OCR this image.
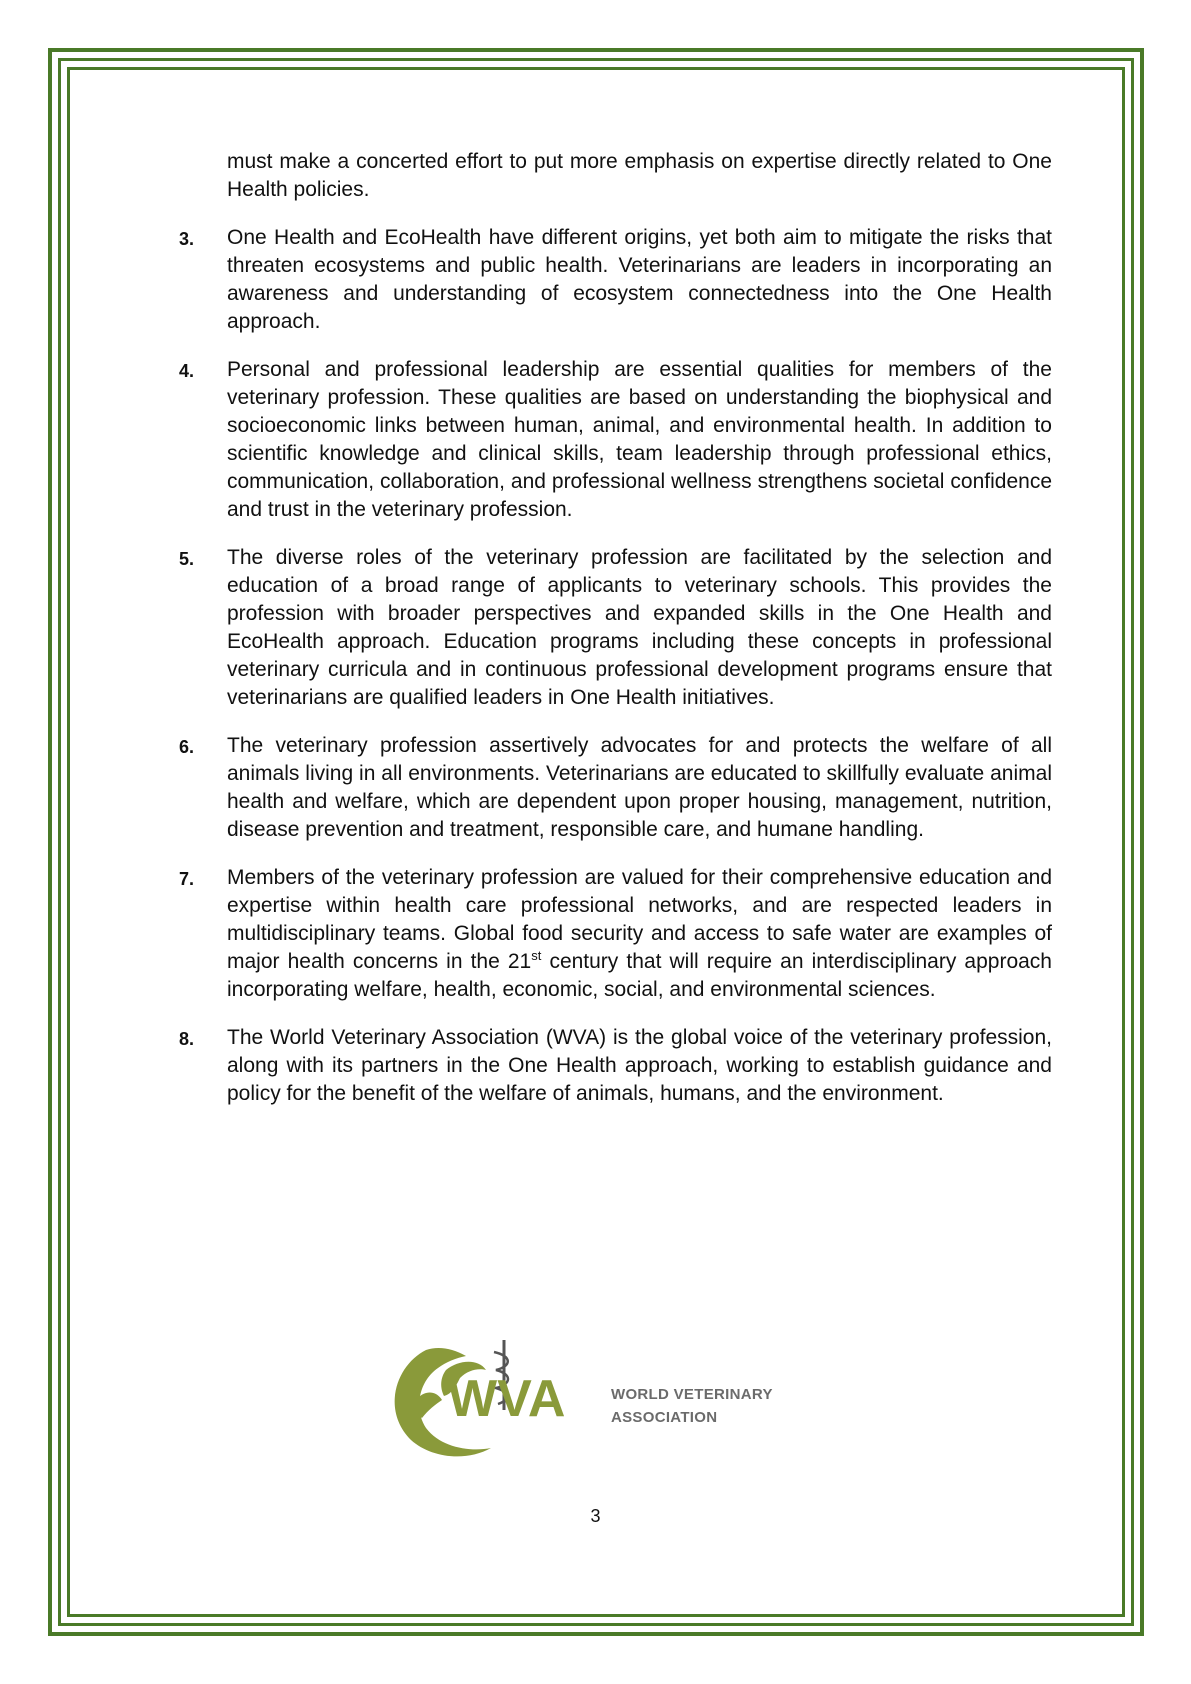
must make a concerted effort to put more emphasis on expertise directly related to One Health policies.

3.	One Health and EcoHealth have different origins, yet both aim to mitigate the risks that threaten ecosystems and public health. Veterinarians are leaders in incorporating an awareness and understanding of ecosystem connectedness into the One Health approach.

4.	Personal and professional leadership are essential qualities for members of the veterinary profession. These qualities are based on understanding the biophysical and socioeconomic links between human, animal, and environmental health. In addition to scientific knowledge and clinical skills, team leadership through professional ethics, communication, collaboration, and professional wellness strengthens societal confidence and trust in the veterinary profession.

5.	The diverse roles of the veterinary profession are facilitated by the selection and education of a broad range of applicants to veterinary schools. This provides the profession with broader perspectives and expanded skills in the One Health and EcoHealth approach. Education programs including these concepts in professional veterinary curricula and in continuous professional development programs ensure that veterinarians are qualified leaders in One Health initiatives.

6.	The veterinary profession assertively advocates for and protects the welfare of all animals living in all environments. Veterinarians are educated to skillfully evaluate animal health and welfare, which are dependent upon proper housing, management, nutrition, disease prevention and treatment, responsible care, and humane handling.

7.	Members of the veterinary profession are valued for their comprehensive education and expertise within health care professional networks, and are respected leaders in multidisciplinary teams. Global food security and access to safe water are examples of major health concerns in the 21st century that will require an interdisciplinary approach incorporating welfare, health, economic, social, and environmental sciences.

8.	The World Veterinary Association (WVA) is the global voice of the veterinary profession, along with its partners in the One Health approach, working to establish guidance and policy for the benefit of the welfare of animals, humans, and the environment.

WVA	WORLD VETERINARY
ASSOCIATION
3
